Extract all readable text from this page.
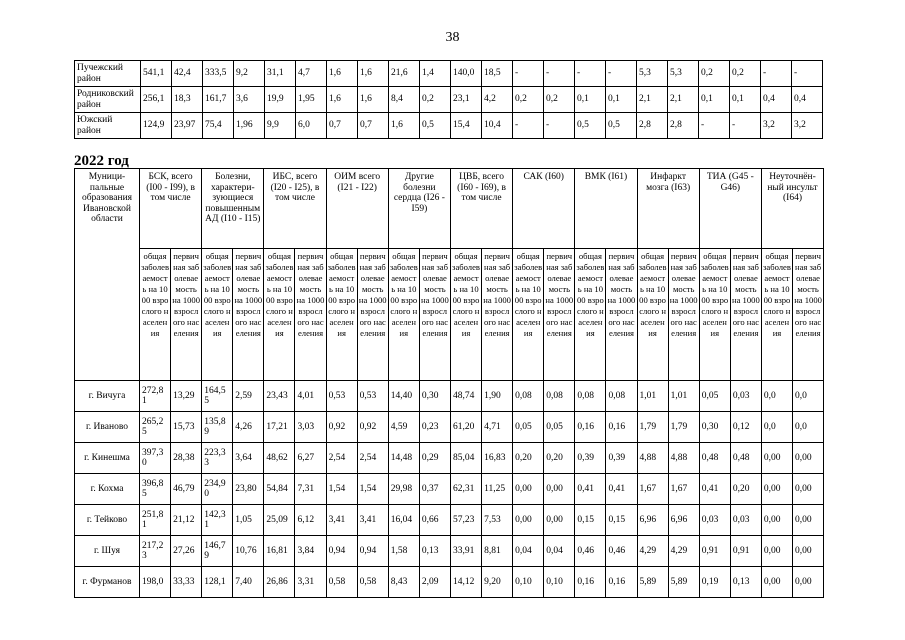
38
Пучежский район	541,1	42,4	333,5	9,2	31,1	4,7	1,6	1,6	21,6	1,4	140,0	18,5	-	-	-	-	5,3	5,3	0,2	0,2	-	-
Родниковский район	256,1	18,3	161,7	3,6	19,9	1,95	1,6	1,6	8,4	0,2	23,1	4,2	0,2	0,2	0,1	0,1	2,1	2,1	0,1	0,1	0,4	0,4
Южский район	124,9	23,97	75,4	1,96	9,9	6,0	0,7	0,7	1,6	0,5	15,4	10,4	-	-	0,5	0,5	2,8	2,8	-	-	3,2	3,2
2022 год
Муници-пальные образования Ивановской области	БСК, всего (I00 - I99), в том числе		Болезни, характери-зующиеся повышенным АД (I10 - I15)		ИБС, всего (I20 - I25), в том числе		ОИМ всего (I21 - I22)		Другие болезни сердца (I26 - I59)		ЦВБ, всего (I60 - I69), в том числе		САК (I60)		ВМК (I61)		Инфаркт мозга (I63)		ТИА (G45 - G46)		Неуточнён-ный инсульт (I64)	
	общая заболеваемость на 1000 взрослого населения	первичная заболеваемость на 1000 взрослого населения	общая заболеваемость на 1000 взрослого населения	первичная заболеваемость на 1000 взрослого населения	общая заболеваемость на 1000 взрослого населения	первичная заболеваемость на 1000 взрослого населения	общая заболеваемость на 1000 взрослого населения	первичная заболеваемость на 1000 взрослого населения	общая заболеваемость на 1000 взрослого населения	первичная заболеваемость на 1000 взрослого населения	общая заболеваемость на 1000 взрослого населения	первичная заболеваемость на 1000 взрослого населения	общая заболеваемость на 1000 взрослого населения	первичная заболеваемость на 1000 взрослого населения	общая заболеваемость на 1000 взрослого населения	первичная заболеваемость на 1000 взрослого населения	общая заболеваемость на 1000 взрослого населения	первичная заболеваемость на 1000 взрослого населения	общая заболеваемость на 1000 взрослого населения	первичная заболеваемость на 1000 взрослого населения	общая заболеваемость на 1000 взрослого населения	первичная заболеваемость на 1000 взрослого населения
г. Вичуга	272,81	13,29	164,55	2,59	23,43	4,01	0,53	0,53	14,40	0,30	48,74	1,90	0,08	0,08	0,08	0,08	1,01	1,01	0,05	0,03	0,0	0,0
г. Иваново	265,25	15,73	135,89	4,26	17,21	3,03	0,92	0,92	4,59	0,23	61,20	4,71	0,05	0,05	0,16	0,16	1,79	1,79	0,30	0,12	0,0	0,0
г. Кинешма	397,30	28,38	223,33	3,64	48,62	6,27	2,54	2,54	14,48	0,29	85,04	16,83	0,20	0,20	0,39	0,39	4,88	4,88	0,48	0,48	0,00	0,00
г. Кохма	396,85	46,79	234,90	23,80	54,84	7,31	1,54	1,54	29,98	0,37	62,31	11,25	0,00	0,00	0,41	0,41	1,67	1,67	0,41	0,20	0,00	0,00
г. Тейково	251,81	21,12	142,31	1,05	25,09	6,12	3,41	3,41	16,04	0,66	57,23	7,53	0,00	0,00	0,15	0,15	6,96	6,96	0,03	0,03	0,00	0,00
г. Шуя	217,23	27,26	146,79	10,76	16,81	3,84	0,94	0,94	1,58	0,13	33,91	8,81	0,04	0,04	0,46	0,46	4,29	4,29	0,91	0,91	0,00	0,00
г. Фурманов	198,0	33,33	128,1	7,40	26,86	3,31	0,58	0,58	8,43	2,09	14,12	9,20	0,10	0,10	0,16	0,16	5,89	5,89	0,19	0,13	0,00	0,00
